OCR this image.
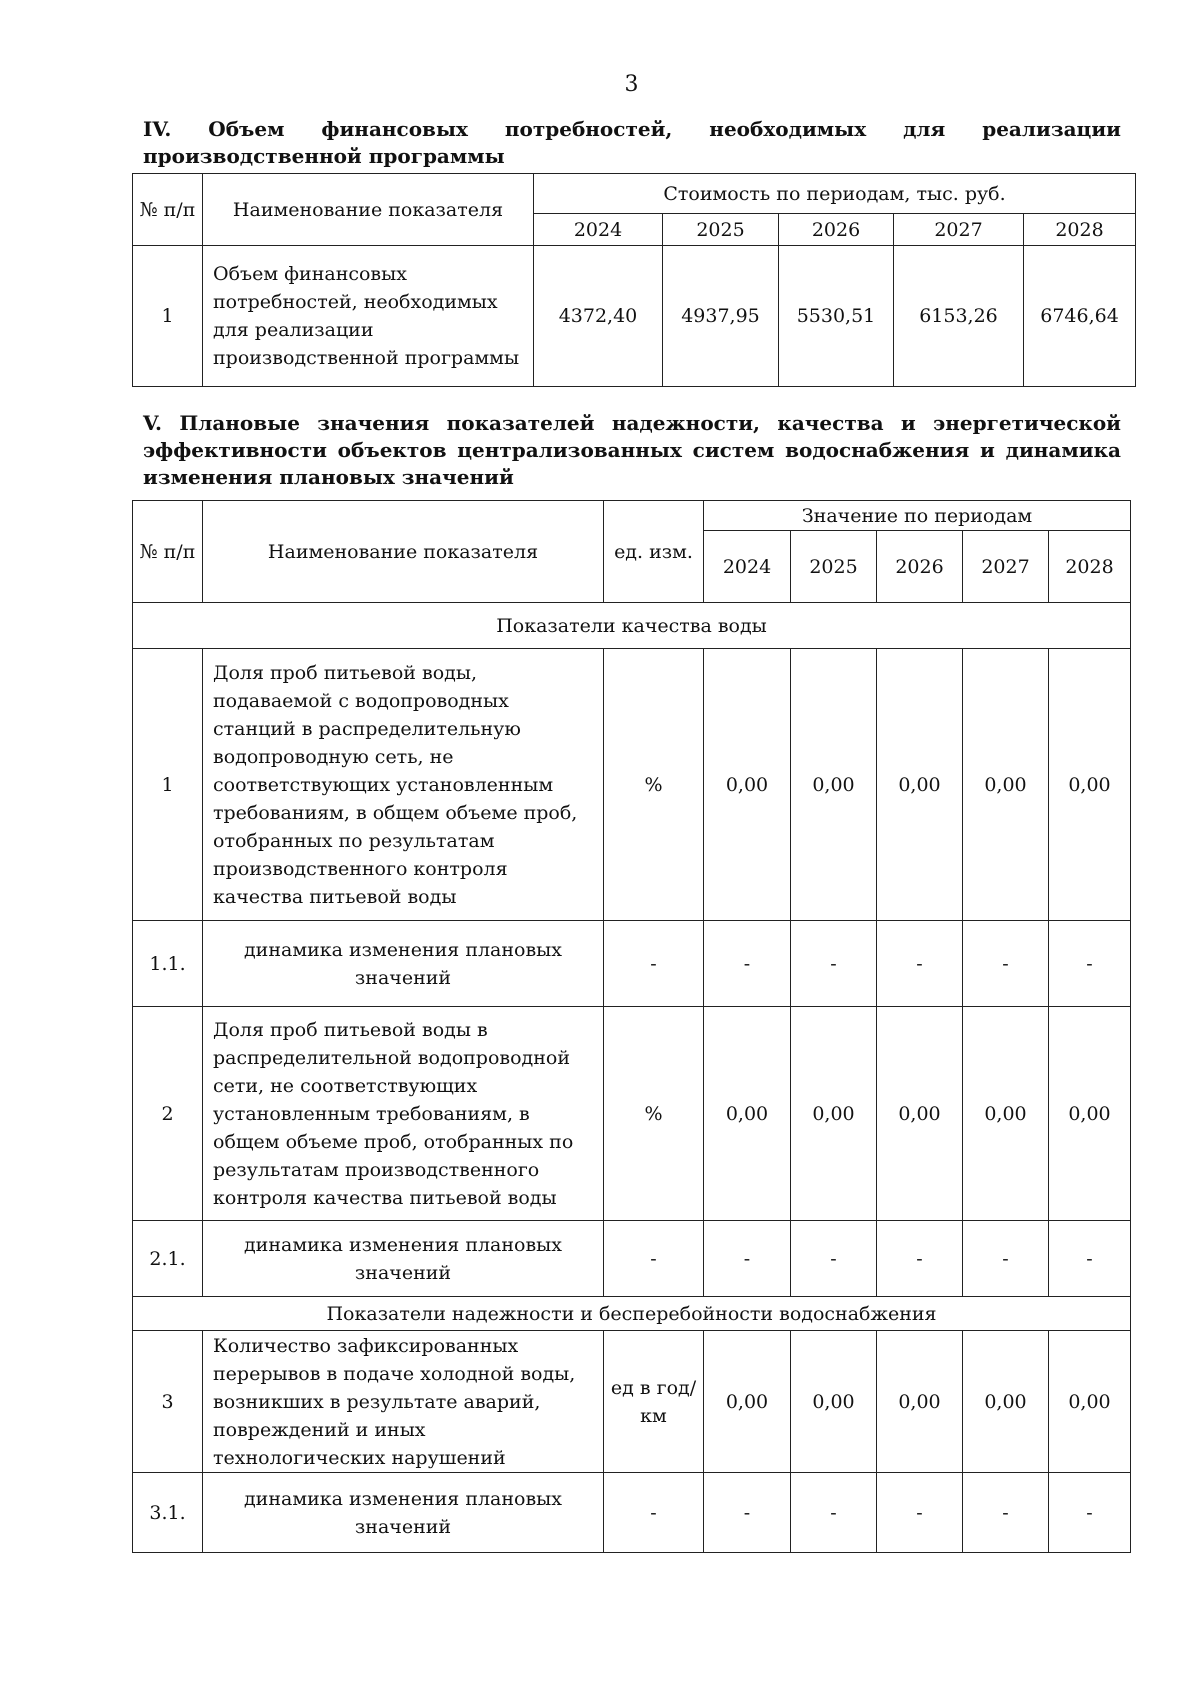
3
IV. Объем финансовых потребностей, необходимых для реализации производственной программы
№ п/п	Наименование показателя	Стоимость по периодам, тыс. руб.				
		2024	2025	2026	2027	2028
1	Объем финансовых потребностей, необходимых для реализации производственной программы	4372,40	4937,95	5530,51	6153,26	6746,64
V. Плановые значения показателей надежности, качества и энергетической эффективности объектов централизованных систем водоснабжения и динамика изменения плановых значений
№ п/п	Наименование показателя	ед. изм.	Значение по периодам				
			2024	2025	2026	2027	2028
Показатели качества воды							
1	Доля проб питьевой воды, подаваемой с водопроводных станций в распределительную водопроводную сеть, не соответствующих установленным требованиям, в общем объеме проб, отобранных по результатам производственного контроля качества питьевой воды	%	0,00	0,00	0,00	0,00	0,00
1.1.	динамика изменения плановых значений	-	-	-	-	-	-
2	Доля проб питьевой воды в распределительной водопроводной сети, не соответствующих установленным требованиям, в общем объеме проб, отобранных по результатам производственного контроля качества питьевой воды	%	0,00	0,00	0,00	0,00	0,00
2.1.	динамика изменения плановых значений	-	-	-	-	-	-
Показатели надежности и бесперебойности водоснабжения							
3	Количество зафиксированных перерывов в подаче холодной воды, возникших в результате аварий, повреждений и иных технологических нарушений	ед в год/ км	0,00	0,00	0,00	0,00	0,00
3.1.	динамика изменения плановых значений	-	-	-	-	-	-
